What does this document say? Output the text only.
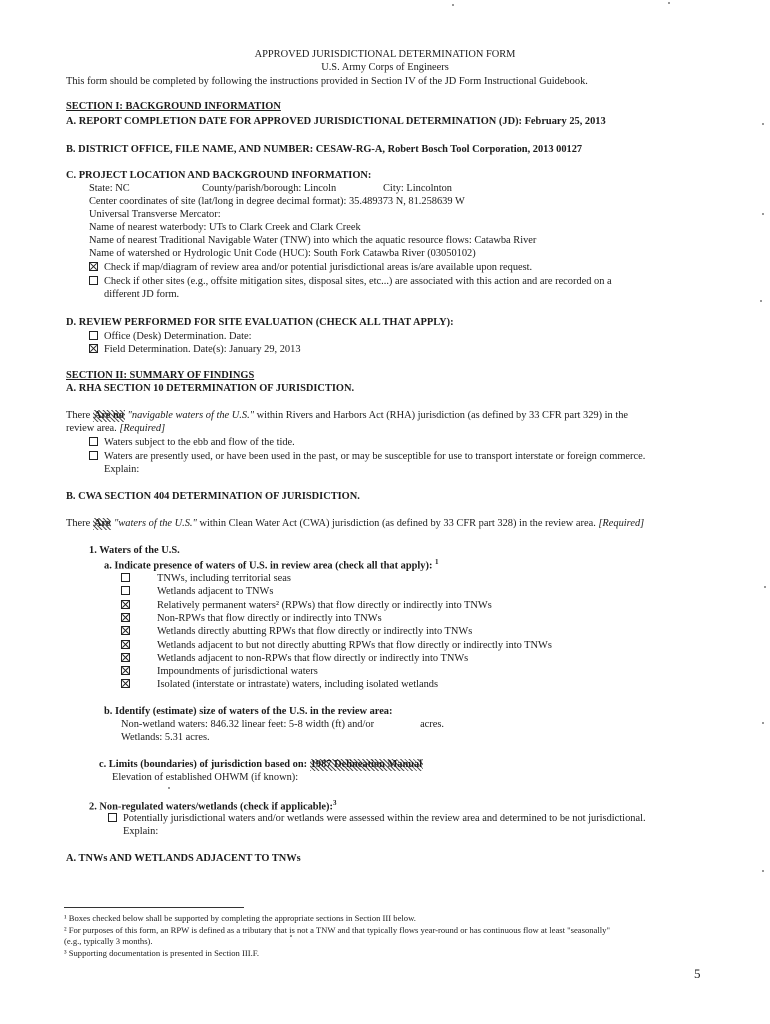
APPROVED JURISDICTIONAL DETERMINATION FORM
U.S. Army Corps of Engineers
This form should be completed by following the instructions provided in Section IV of the JD Form Instructional Guidebook.
SECTION I: BACKGROUND INFORMATION
A. REPORT COMPLETION DATE FOR APPROVED JURISDICTIONAL DETERMINATION (JD): February 25, 2013
B. DISTRICT OFFICE, FILE NAME, AND NUMBER: CESAW-RG-A, Robert Bosch Tool Corporation, 2013 00127
C. PROJECT LOCATION AND BACKGROUND INFORMATION:
State: NC	County/parish/borough: Lincoln	City: Lincolnton
Center coordinates of site (lat/long in degree decimal format): 35.489373 N, 81.258639 W
Universal Transverse Mercator:
Name of nearest waterbody: UTs to Clark Creek and Clark Creek
Name of nearest Traditional Navigable Water (TNW) into which the aquatic resource flows: Catawba River
Name of watershed or Hydrologic Unit Code (HUC): South Fork Catawba River (03050102)
Check if map/diagram of review area and/or potential jurisdictional areas is/are available upon request.
Check if other sites (e.g., offsite mitigation sites, disposal sites, etc...) are associated with this action and are recorded on a
different JD form.
D. REVIEW PERFORMED FOR SITE EVALUATION (CHECK ALL THAT APPLY):
Office (Desk) Determination. Date:
Field Determination. Date(s): January 29, 2013
SECTION II: SUMMARY OF FINDINGS
A. RHA SECTION 10 DETERMINATION OF JURISDICTION.
There Are no "navigable waters of the U.S." within Rivers and Harbors Act (RHA) jurisdiction (as defined by 33 CFR part 329) in the
review area. [Required]
Waters subject to the ebb and flow of the tide.
Waters are presently used, or have been used in the past, or may be susceptible for use to transport interstate or foreign commerce.
Explain:
B. CWA SECTION 404 DETERMINATION OF JURISDICTION.
There Are "waters of the U.S." within Clean Water Act (CWA) jurisdiction (as defined by 33 CFR part 328) in the review area. [Required]
1. Waters of the U.S.
a. Indicate presence of waters of U.S. in review area (check all that apply): $^1$
TNWs, including territorial seas
Wetlands adjacent to TNWs
Relatively permanent waters² (RPWs) that flow directly or indirectly into TNWs
Non-RPWs that flow directly or indirectly into TNWs
Wetlands directly abutting RPWs that flow directly or indirectly into TNWs
Wetlands adjacent to but not directly abutting RPWs that flow directly or indirectly into TNWs
Wetlands adjacent to non-RPWs that flow directly or indirectly into TNWs
Impoundments of jurisdictional waters
Isolated (interstate or intrastate) waters, including isolated wetlands
b. Identify (estimate) size of waters of the U.S. in the review area:
Non-wetland waters: 846.32 linear feet: 5-8 width (ft) and/or	acres.
Wetlands: 5.31 acres.
c. Limits (boundaries) of jurisdiction based on: 1987 Delineation Manual
Elevation of established OHWM (if known):
2. Non-regulated waters/wetlands (check if applicable):$^3$
Potentially jurisdictional waters and/or wetlands were assessed within the review area and determined to be not jurisdictional.
Explain:
A. TNWs AND WETLANDS ADJACENT TO TNWs
¹ Boxes checked below shall be supported by completing the appropriate sections in Section III below.
² For purposes of this form, an RPW is defined as a tributary that is not a TNW and that typically flows year-round or has continuous flow at least "seasonally"
(e.g., typically 3 months).
³ Supporting documentation is presented in Section III.F.
5
